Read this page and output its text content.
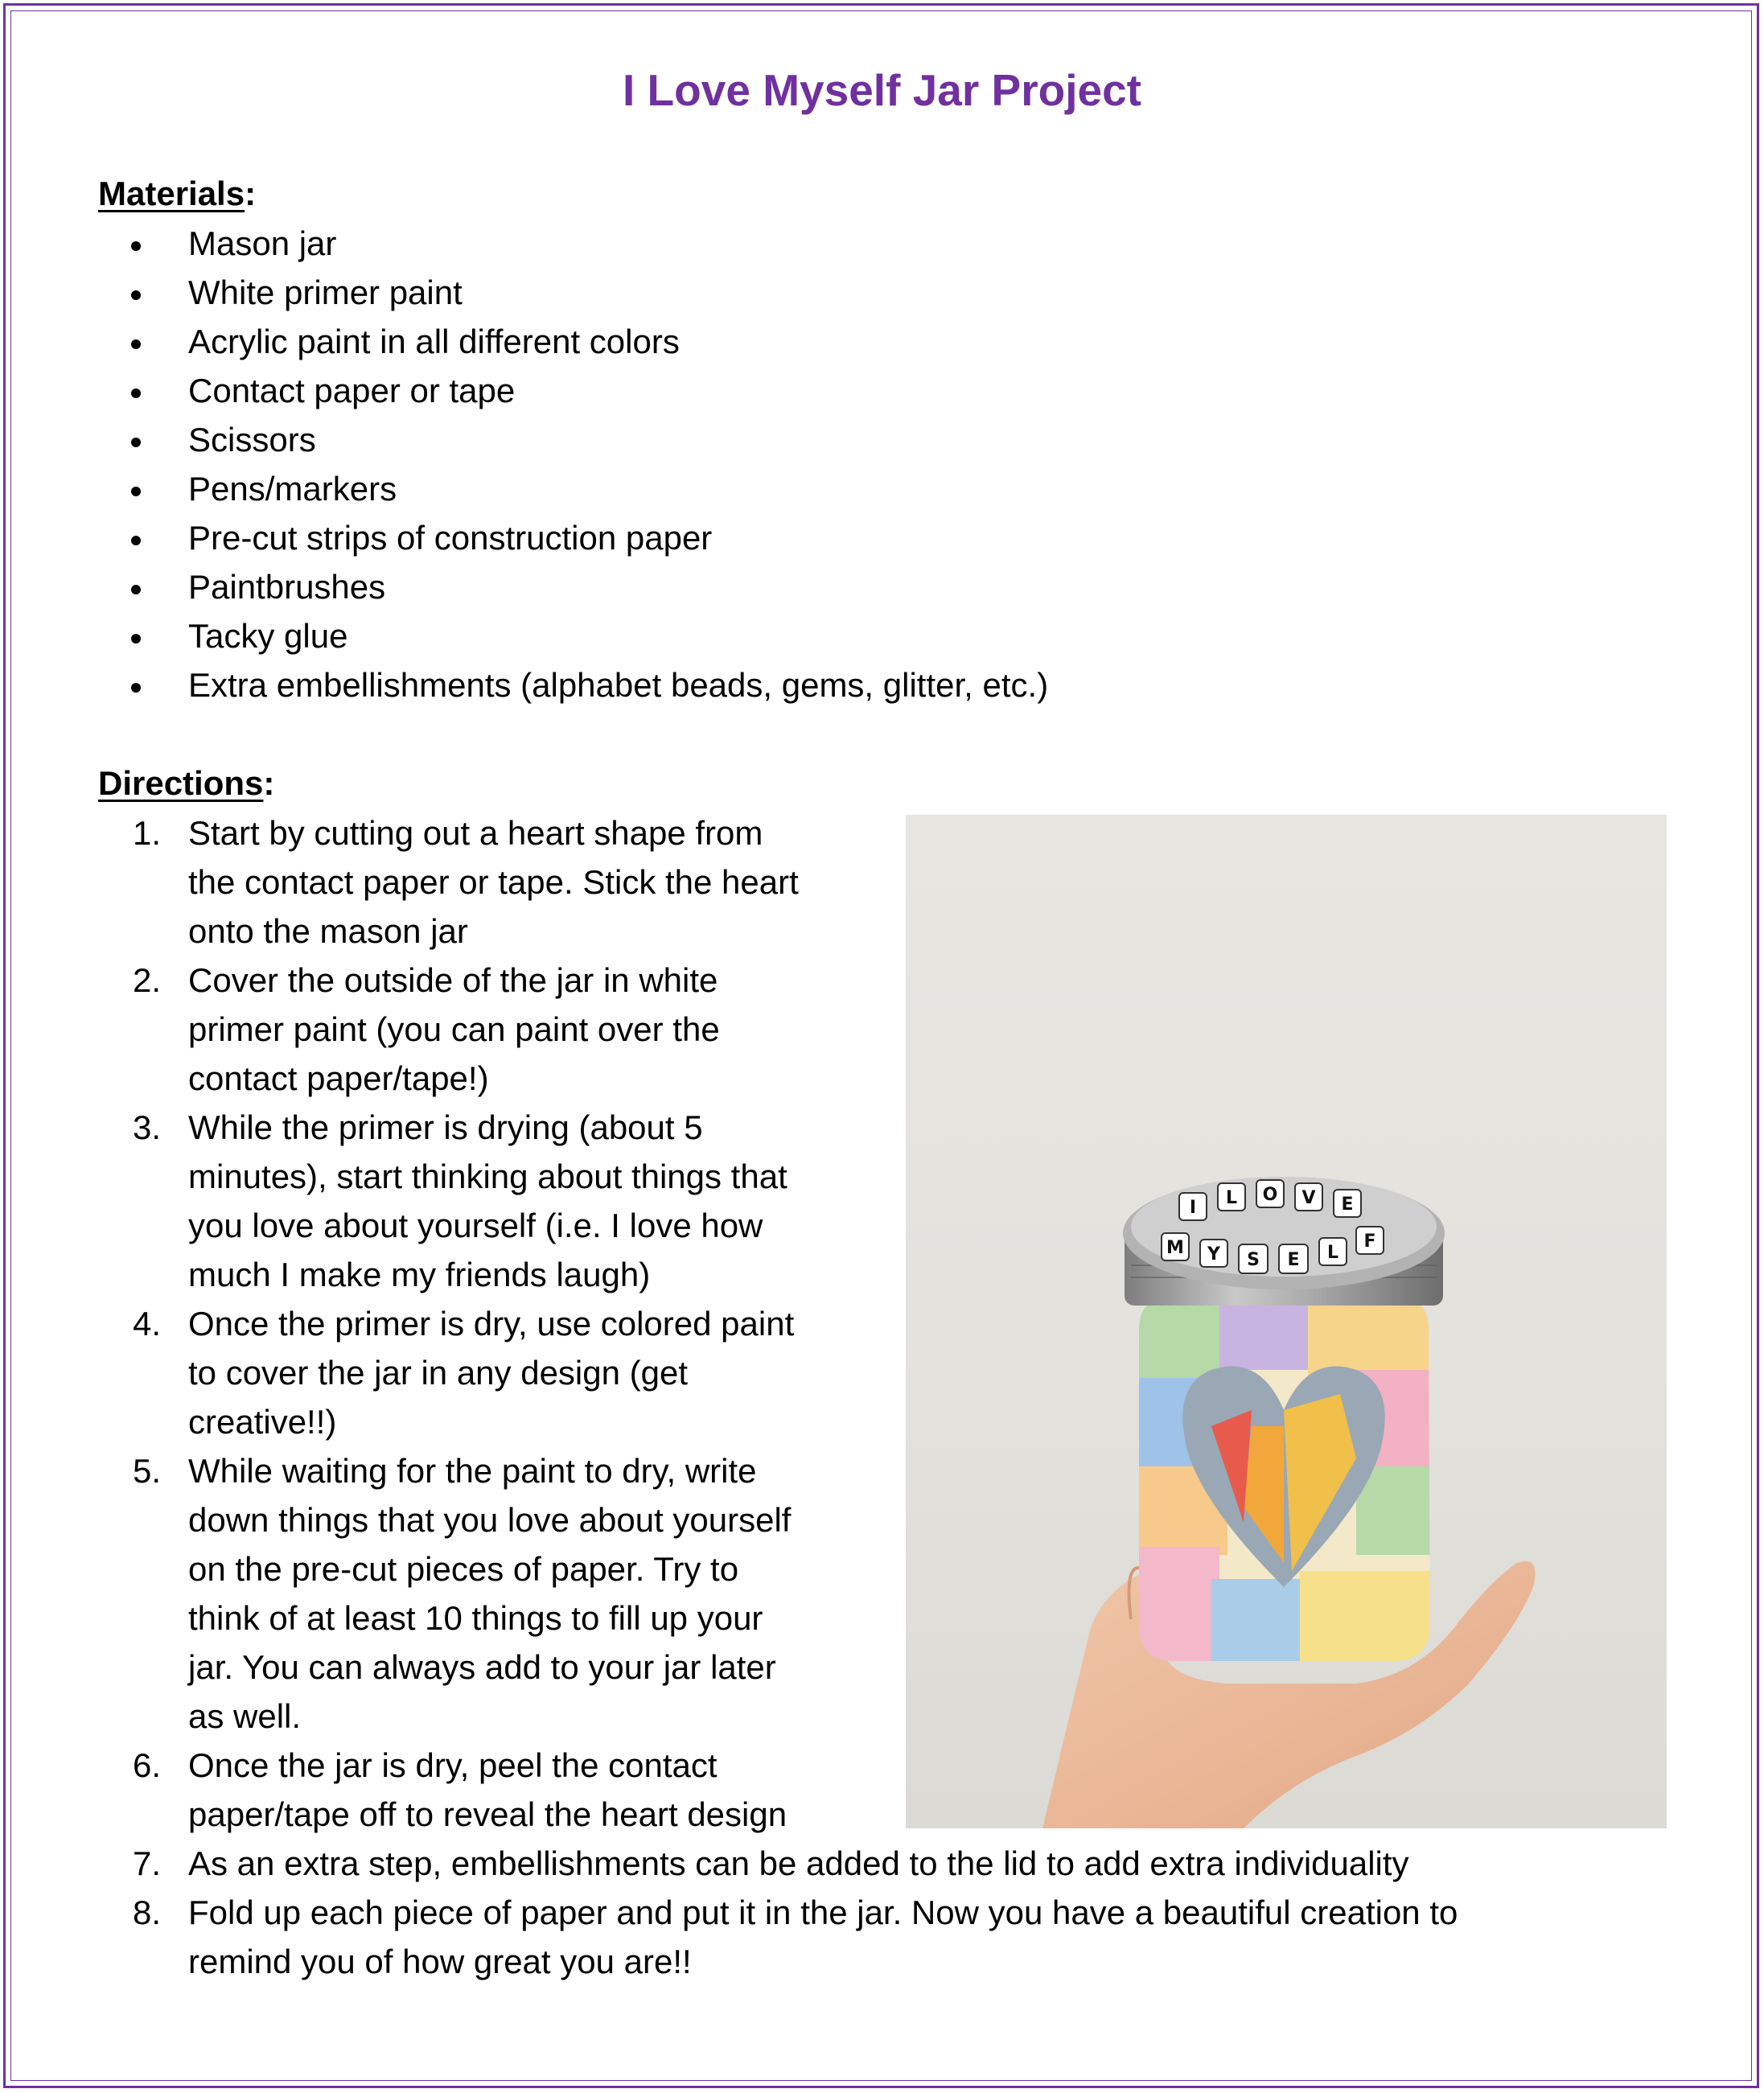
I Love Myself Jar Project
Materials:
Mason jar
White primer paint
Acrylic paint in all different colors
Contact paper or tape
Scissors
Pens/markers
Pre-cut strips of construction paper
Paintbrushes
Tacky glue
Extra embellishments (alphabet beads, gems, glitter, etc.)
Directions:
1. Start by cutting out a heart shape from
the contact paper or tape. Stick the heart
onto the mason jar
2. Cover the outside of the jar in white
primer paint (you can paint over the
contact paper/tape!)
3. While the primer is drying (about 5
minutes), start thinking about things that
you love about yourself (i.e. I love how
much I make my friends laugh)
4. Once the primer is dry, use colored paint
to cover the jar in any design (get
creative!!)
5. While waiting for the paint to dry, write
down things that you love about yourself
on the pre-cut pieces of paper. Try to
think of at least 10 things to fill up your
jar. You can always add to your jar later
as well.
6. Once the jar is dry, peel the contact
paper/tape off to reveal the heart design
7. As an extra step, embellishments can be added to the lid to add extra individuality
8. Fold up each piece of paper and put it in the jar. Now you have a beautiful creation to
remind you of how great you are!!
I L O V E
M Y S E L
F
